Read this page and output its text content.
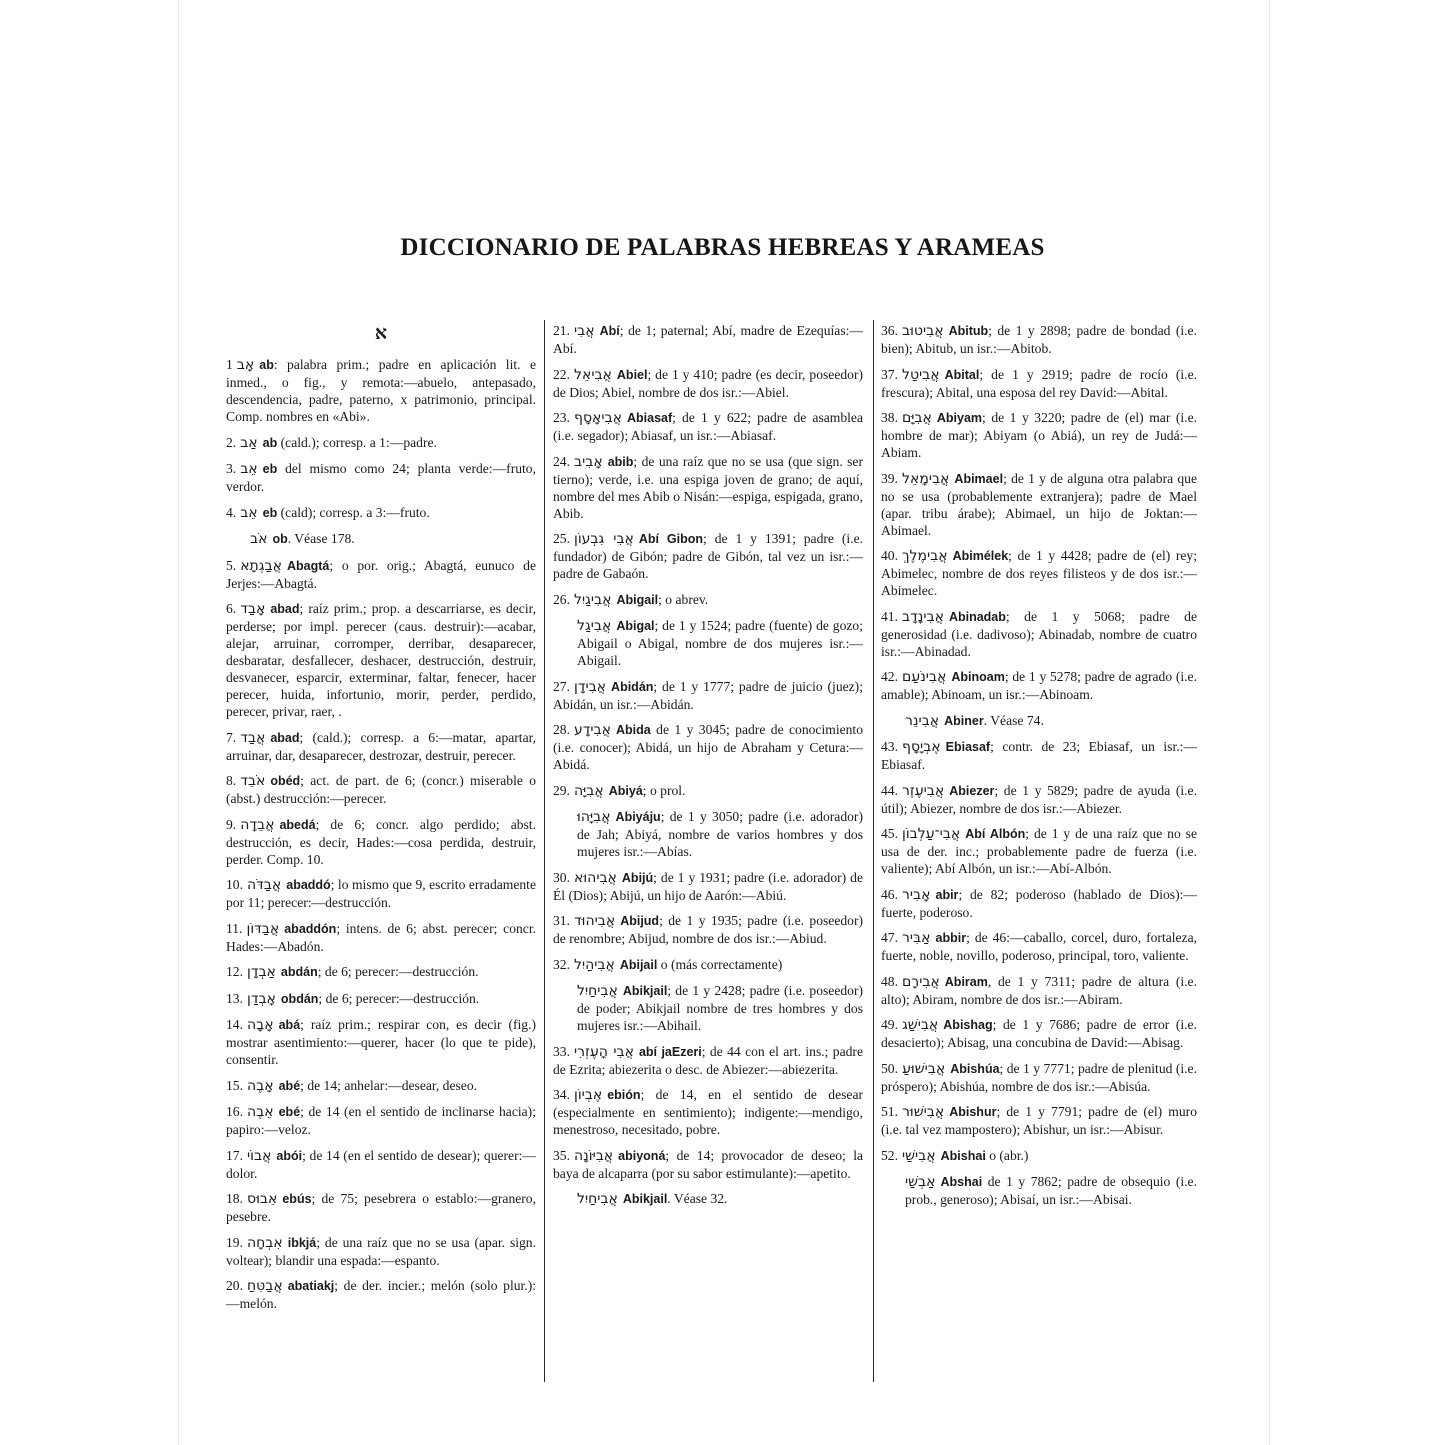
DICCIONARIO DE PALABRAS HEBREAS Y ARAMEAS
א
1 אָב ab: palabra prim.; padre en aplicación lit. e inmed., o fig., y remota:—abuelo, antepasado, descendencia, padre, paterno, x patrimonio, principal. Comp. nombres en «Abi».
2. אַב ab (cald.); corresp. a 1:—padre.
3. אֵב eb del mismo como 24; planta verde:—fruto, verdor.
4. אֵב eb (cald); corresp. a 3:—fruto.
אֹב ob. Véase 178.
5. אֲבַגְתָא Abagtá; o por. orig.; Abagtá, eunuco de Jerjes:—Abagtá.
6. אָבַד abad; raíz prim.; prop. a descarriarse, es decir, perderse; por impl. perecer (caus. destruir):—acabar, alejar, arruinar, corromper, derribar, desaparecer, desbaratar, desfallecer, deshacer, destrucción, destruir, desvanecer, esparcir, exterminar, faltar, fenecer, hacer perecer, huida, infortunio, morir, perder, perdido, perecer, privar, raer, .
7. אֲבַד abad; (cald.); corresp. a 6:—matar, apartar, arruinar, dar, desaparecer, destrozar, destruir, perecer.
8. אֹבֵד obéd; act. de part. de 6; (concr.) miserable o (abst.) destrucción:—perecer.
9. אֲבֵדָה abedá; de 6; concr. algo perdido; abst. destrucción, es decir, Hades:—cosa perdida, destruir, perder. Comp. 10.
10. אֲבַדֹּה abaddó; lo mismo que 9, escrito erradamente por 11; perecer:—destrucción.
11. אֲבַדּוֹן abaddón; intens. de 6; abst. perecer; concr. Hades:—Abadón.
12. אַבְדָן abdán; de 6; perecer:—destrucción.
13. אָבְדַן obdán; de 6; perecer:—destrucción.
14. אָבָה abá; raíz prim.; respirar con, es decir (fig.) mostrar asentimiento:—querer, hacer (lo que te pide), consentir.
15. אָבֶה abé; de 14; anhelar:—desear, deseo.
16. אֵבֶה ebé; de 14 (en el sentido de inclinarse hacia); papiro:—veloz.
17. אֲבוֹי abói; de 14 (en el sentido de desear); querer:—dolor.
18. אֵבוּס ebús; de 75; pesebrera o establo:—granero, pesebre.
19. אִבְחָה ibkjá; de una raíz que no se usa (apar. sign. voltear); blandir una espada:—espanto.
20. אֲבַטִּחַ abatiakj; de der. incier.; melón (solo plur.):—melón.
21. אֲבִי Abí; de 1; paternal; Abí, madre de Ezequías:—Abí.
22. אֲבִיאֵל Abiel; de 1 y 410; padre (es decir, poseedor) de Dios; Abiel, nombre de dos isr.:—Abiel.
23. אֲבִיאָסָף Abiasaf; de 1 y 622; padre de asamblea (i.e. segador); Abiasaf, un isr.:—Abiasaf.
24. אָבִיב abib; de una raíz que no se usa (que sign. ser tierno); verde, i.e. una espiga joven de grano; de aquí, nombre del mes Abib o Nisán:—espiga, espigada, grano, Abib.
25. אֲבִי גִבְעוֹן Abí Gibon; de 1 y 1391; padre (i.e. fundador) de Gibón; padre de Gibón, tal vez un isr.:—padre de Gabaón.
26. אֲבִיגַיִל Abigail; o abrev.
אֲבִיגַל Abigal; de 1 y 1524; padre (fuente) de gozo; Abigail o Abigal, nombre de dos mujeres isr.:—Abigail.
27. אֲבִידָן Abidán; de 1 y 1777; padre de juicio (juez); Abidán, un isr.:—Abidán.
28. אֲבִידָע Abida de 1 y 3045; padre de conocimiento (i.e. conocer); Abidá, un hijo de Abraham y Cetura:—Abidá.
29. אֲבִיָּה Abiyá; o prol.
אֲבִיָּהוּ Abiyáju; de 1 y 3050; padre (i.e. adorador) de Jah; Abiyá, nombre de varios hombres y dos mujeres isr.:—Abías.
30. אֲבִיהוּא Abijú; de 1 y 1931; padre (i.e. adorador) de Él (Dios); Abijú, un hijo de Aarón:—Abiú.
31. אֲבִיהוּד Abijud; de 1 y 1935; padre (i.e. poseedor) de renombre; Abijud, nombre de dos isr.:—Abiud.
32. אֲבִיהַיִל Abijail o (más correctamente)
אֲבִיחַיִל Abikjail; de 1 y 2428; padre (i.e. poseedor) de poder; Abikjail nombre de tres hombres y dos mujeres isr.:—Abihail.
33. אֲבִי הָעֶזְרִי abí jaEzeri; de 44 con el art. ins.; padre de Ezrita; abiezerita o desc. de Abiezer:—abiezerita.
34. אֶבְיוֹן ebión; de 14, en el sentido de desear (especialmente en sentimiento); indigente:—mendigo, menestroso, necesitado, pobre.
35. אֲבִיּוֹנָה abiyoná; de 14; provocador de deseo; la baya de alcaparra (por su sabor estimulante):—apetito.
אֲבִיחַיִל Abikjail. Véase 32.
36. אֲבִיטוּב Abitub; de 1 y 2898; padre de bondad (i.e. bien); Abitub, un isr.:—Abitob.
37. אֲבִיטַל Abital; de 1 y 2919; padre de rocío (i.e. frescura); Abital, una esposa del rey David:—Abital.
38. אֲבִיָּם Abiyam; de 1 y 3220; padre de (el) mar (i.e. hombre de mar); Abiyam (o Abiá), un rey de Judá:—Abiam.
39. אֲבִימָאֵל Abimael; de 1 y de alguna otra palabra que no se usa (probablemente extranjera); padre de Mael (apar. tribu árabe); Abimael, un hijo de Joktan:—Abimael.
40. אֲבִימֶלֶךְ Abimélek; de 1 y 4428; padre de (el) rey; Abimelec, nombre de dos reyes filisteos y de dos isr.:—Abimelec.
41. אֲבִינָדָב Abinadab; de 1 y 5068; padre de generosidad (i.e. dadivoso); Abinadab, nombre de cuatro isr.:—Abinadad.
42. אֲבִינֹעַם Abinoam; de 1 y 5278; padre de agrado (i.e. amable); Abinoam, un isr.:—Abinoam.
אֲבִינֵר Abiner. Véase 74.
43. אֶבְיָסָף Ebiasaf; contr. de 23; Ebiasaf, un isr.:—Ebiasaf.
44. אֲבִיעֶזֶר Abiezer; de 1 y 5829; padre de ayuda (i.e. útil); Abiezer, nombre de dos isr.:—Abiezer.
45. אֲבִי־עַלְבוֹן Abí Albón; de 1 y de una raíz que no se usa de der. inc.; probablemente padre de fuerza (i.e. valiente); Abí Albón, un isr.:—Abí-Albón.
46. אָבִיר abir; de 82; poderoso (hablado de Dios):—fuerte, poderoso.
47. אַבִּיר abbir; de 46:—caballo, corcel, duro, fortaleza, fuerte, noble, novillo, poderoso, principal, toro, valiente.
48. אֲבִירָם Abiram, de 1 y 7311; padre de altura (i.e. alto); Abiram, nombre de dos isr.:—Abiram.
49. אֲבִישַׁג Abishag; de 1 y 7686; padre de error (i.e. desacierto); Abisag, una concubina de David:—Abisag.
50. אֲבִישׁוּעַ Abishúa; de 1 y 7771; padre de plenitud (i.e. próspero); Abishúa, nombre de dos isr.:—Abisúa.
51. אֲבִישׁוּר Abishur; de 1 y 7791; padre de (el) muro (i.e. tal vez mampostero); Abishur, un isr.:—Abisur.
52. אֲבִישַׁי Abishai o (abr.)
אַבְשַׁי Abshai de 1 y 7862; padre de obsequio (i.e. prob., generoso); Abisaí, un isr.:—Abisai.
